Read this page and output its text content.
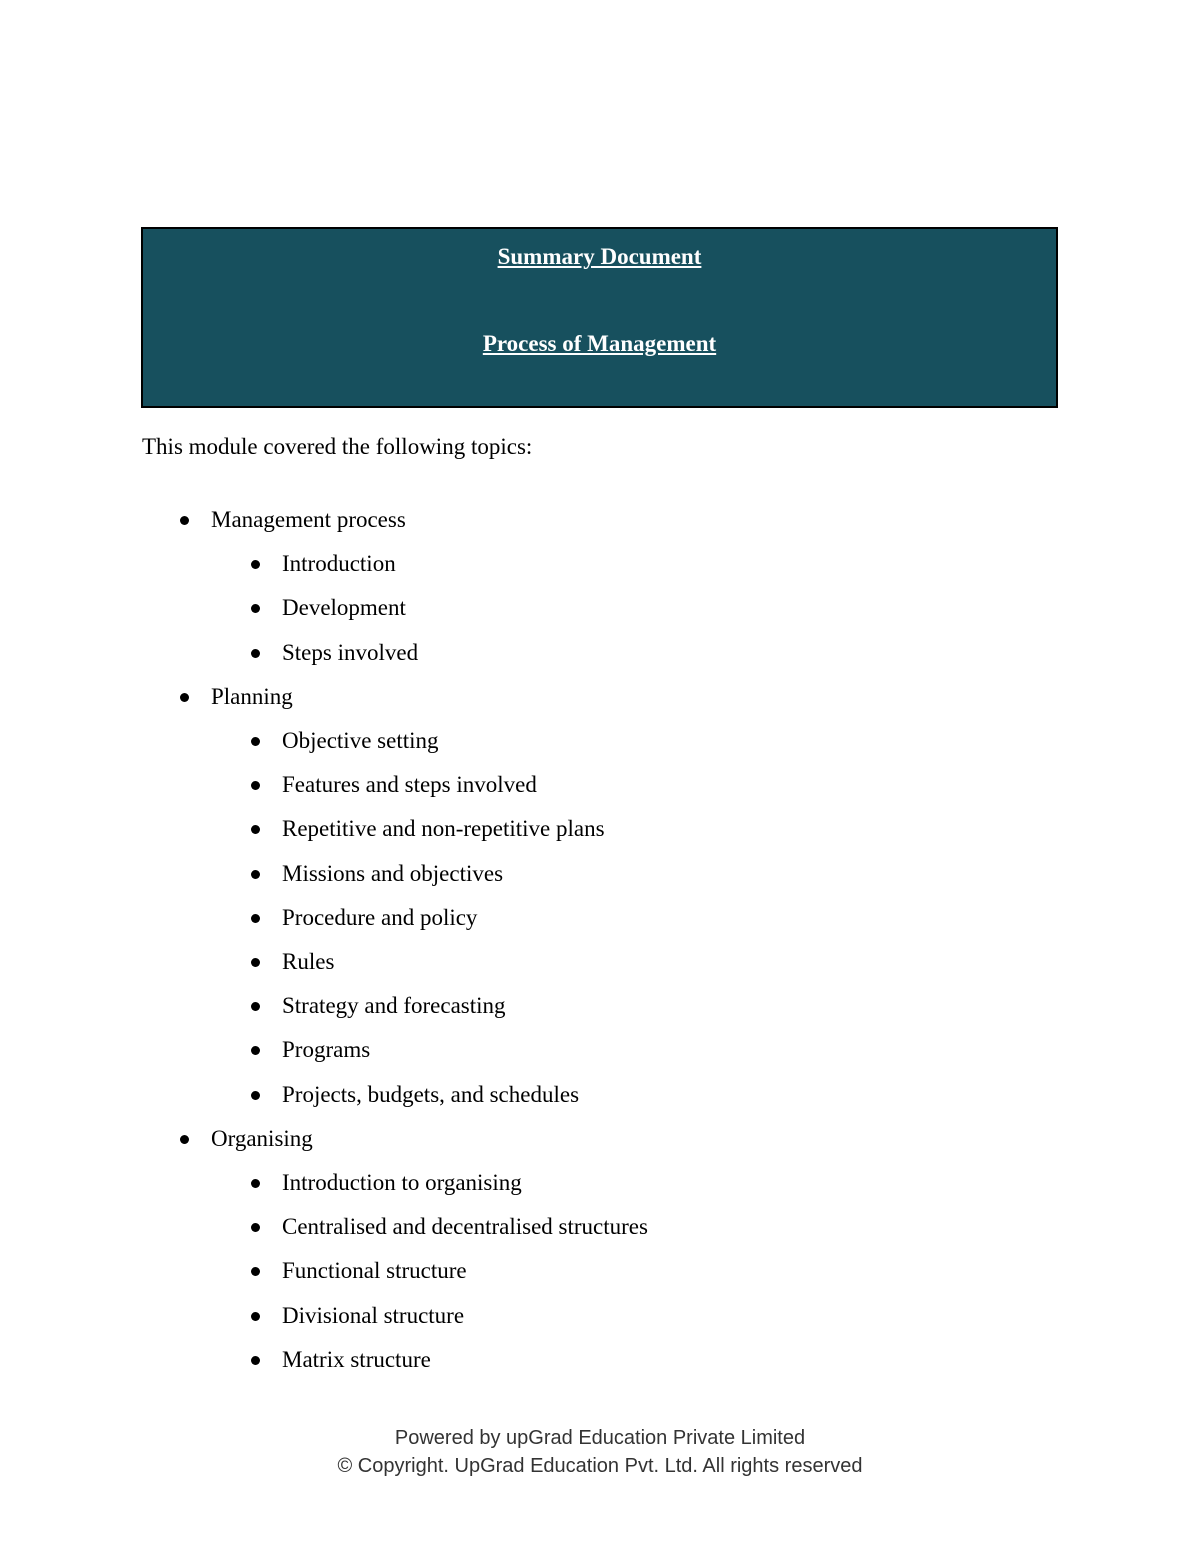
Summary Document
Process of Management
This module covered the following topics:
Management process
Introduction
Development
Steps involved
Planning
Objective setting
Features and steps involved
Repetitive and non-repetitive plans
Missions and objectives
Procedure and policy
Rules
Strategy and forecasting
Programs
Projects, budgets, and schedules
Organising
Introduction to organising
Centralised and decentralised structures
Functional structure
Divisional structure
Matrix structure
Powered by upGrad Education Private Limited
© Copyright. UpGrad Education Pvt. Ltd. All rights reserved
